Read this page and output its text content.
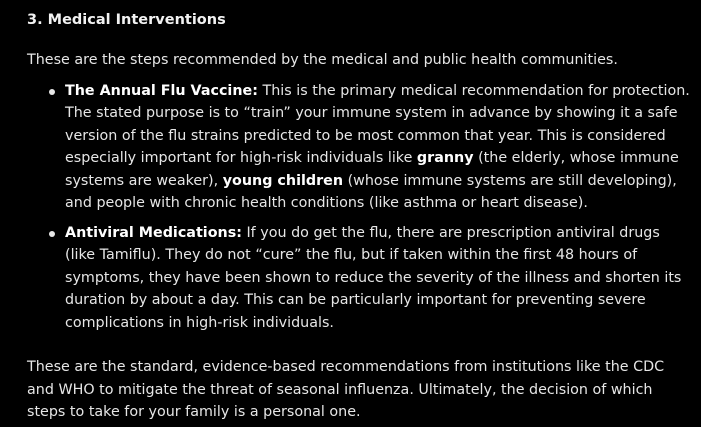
3. Medical Interventions

These are the steps recommended by the medical and public health communities.

The Annual Flu Vaccine: This is the primary medical recommendation for protection. The stated purpose is to “train” your immune system in advance by showing it a safe version of the flu strains predicted to be most common that year. This is considered especially important for high-risk individuals like granny (the elderly, whose immune systems are weaker), young children (whose immune systems are still developing), and people with chronic health conditions (like asthma or heart disease).
Antiviral Medications: If you do get the flu, there are prescription antiviral drugs (like Tamiflu). They do not “cure” the flu, but if taken within the first 48 hours of symptoms, they have been shown to reduce the severity of the illness and shorten its duration by about a day. This can be particularly important for preventing severe complications in high-risk individuals.

These are the standard, evidence-based recommendations from institutions like the CDC and WHO to mitigate the threat of seasonal influenza. Ultimately, the decision of which steps to take for your family is a personal one.
